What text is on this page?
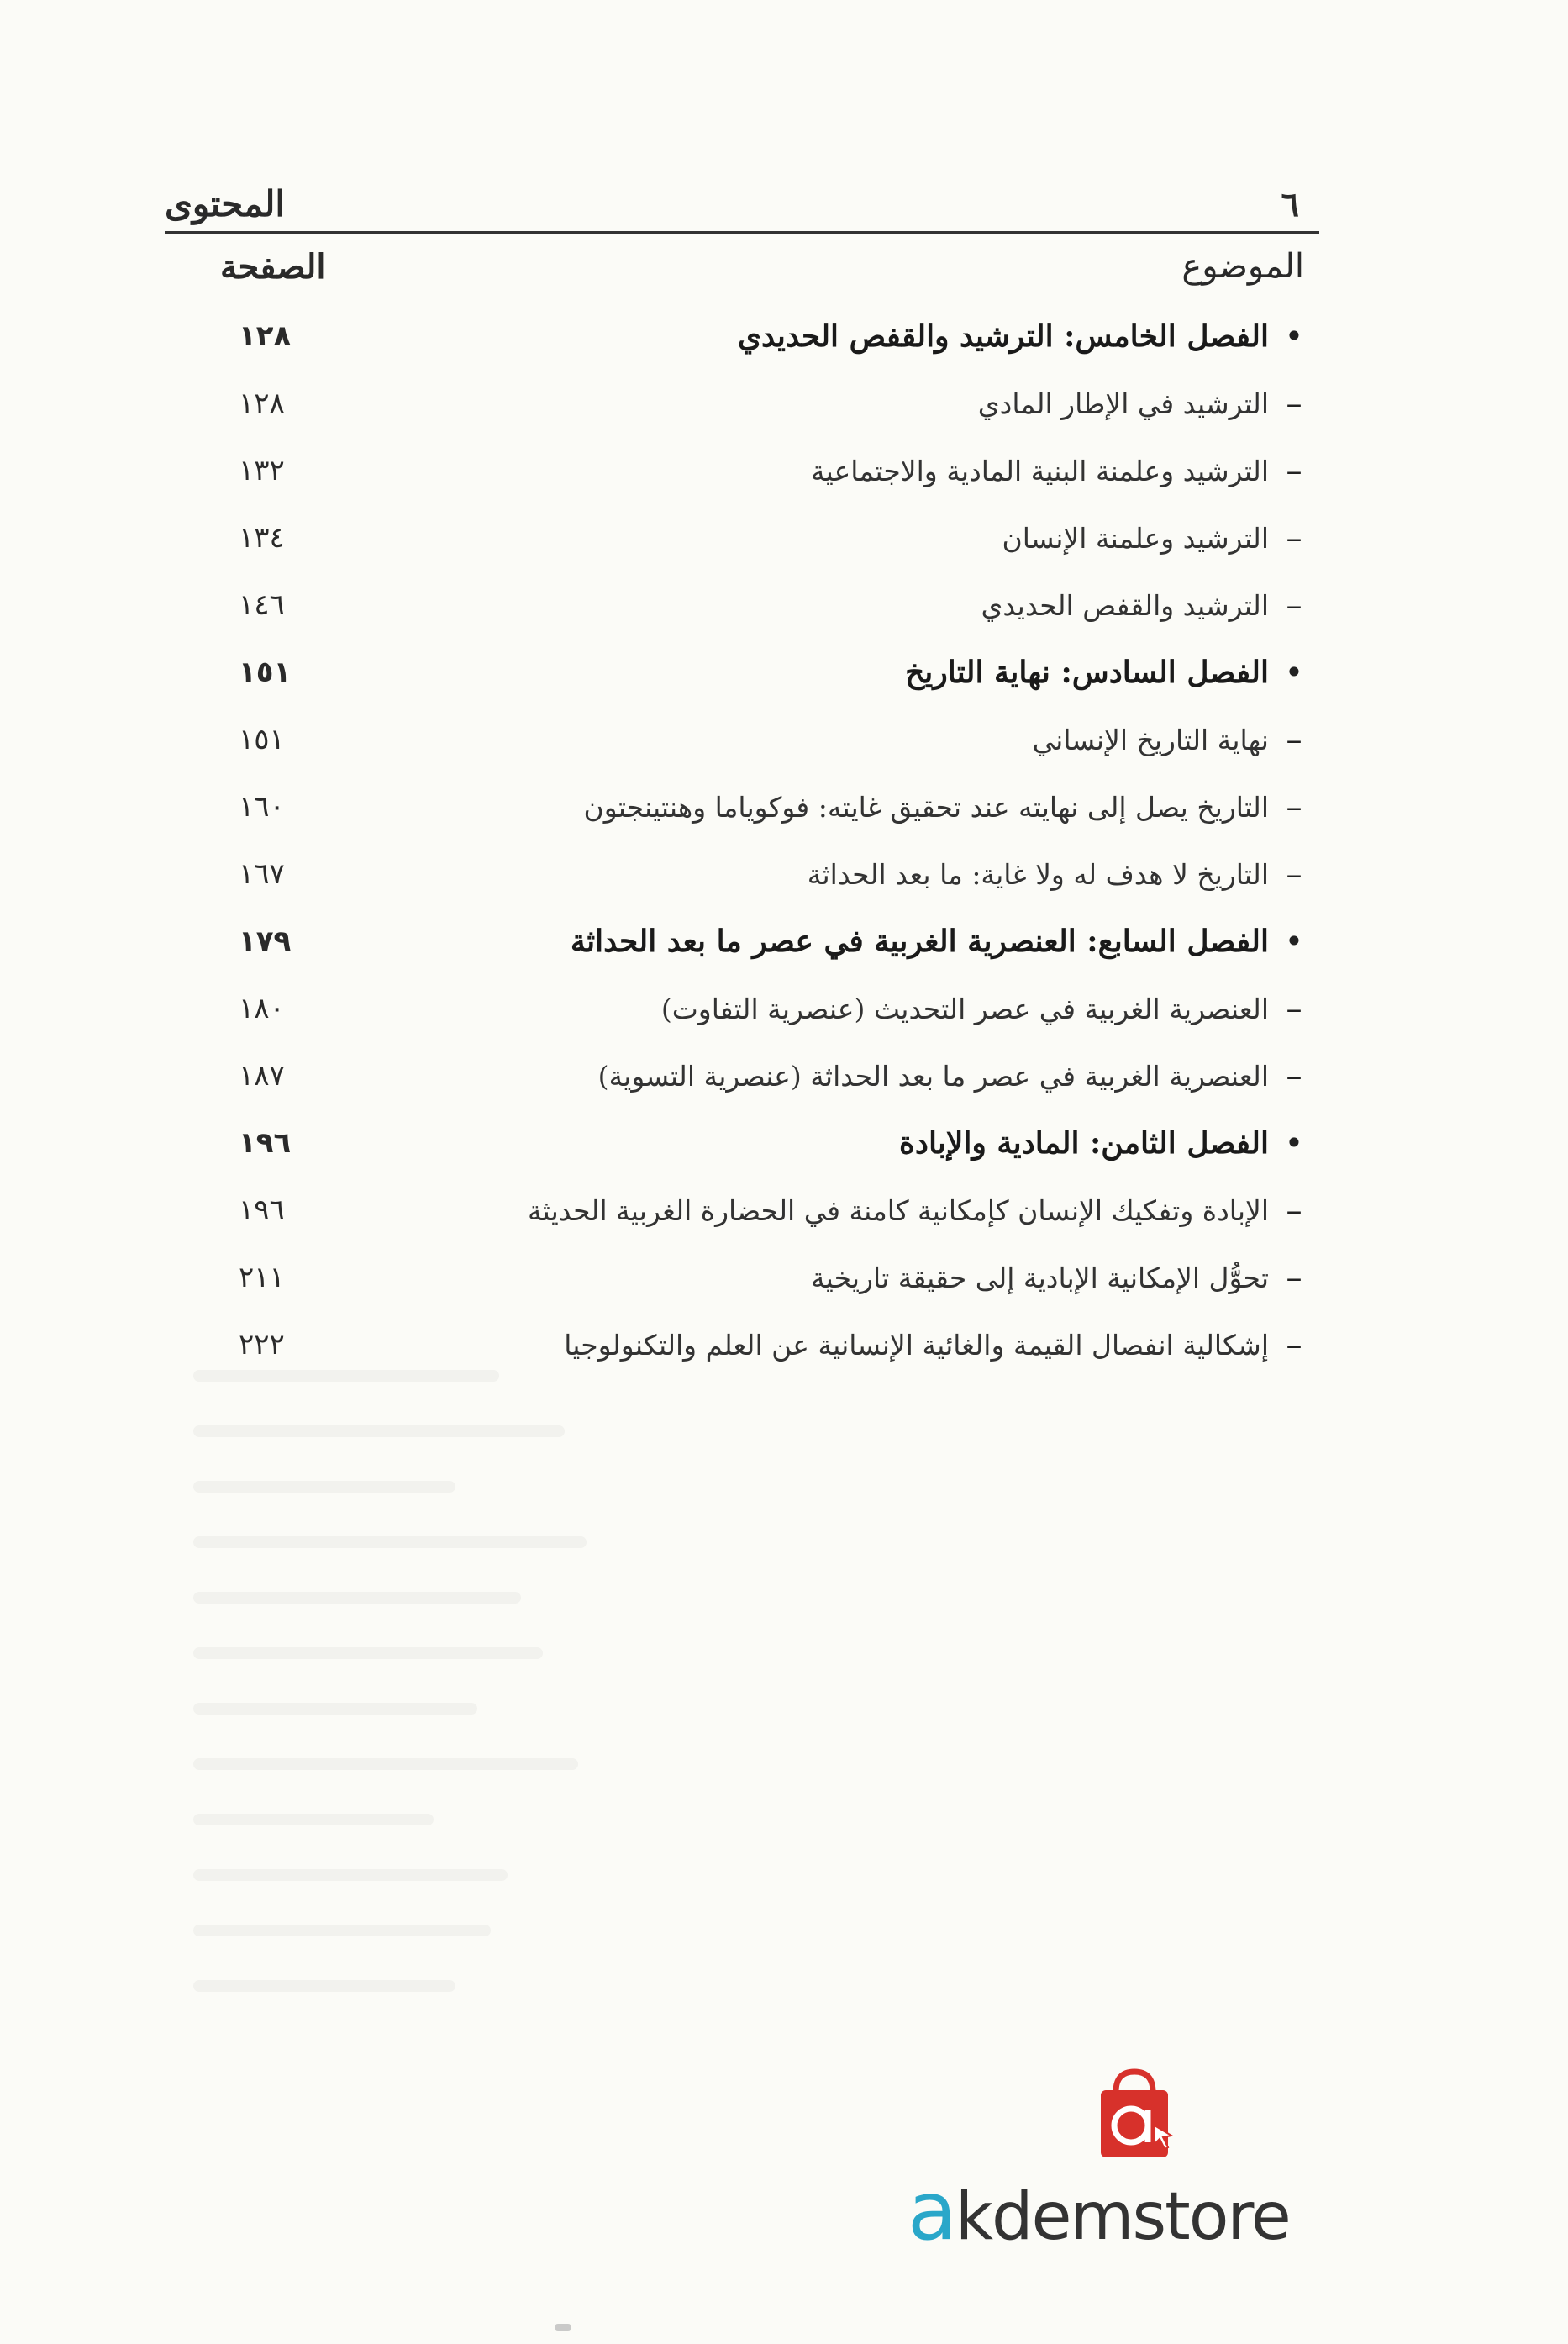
٦
المحتوى
الموضوع
الصفحة
•
الفصل الخامس: الترشيد والقفص الحديدي
١٢٨
–
الترشيد في الإطار المادي
١٢٨
–
الترشيد وعلمنة البنية المادية والاجتماعية
١٣٢
–
الترشيد وعلمنة الإنسان
١٣٤
–
الترشيد والقفص الحديدي
١٤٦
•
الفصل السادس: نهاية التاريخ
١٥١
–
نهاية التاريخ الإنساني
١٥١
–
التاريخ يصل إلى نهايته عند تحقيق غايته: فوكوياما وهنتينجتون
١٦٠
–
التاريخ لا هدف له ولا غاية: ما بعد الحداثة
١٦٧
•
الفصل السابع: العنصرية الغربية في عصر ما بعد الحداثة
١٧٩
–
العنصرية الغربية في عصر التحديث (عنصرية التفاوت)
١٨٠
–
العنصرية الغربية في عصر ما بعد الحداثة (عنصرية التسوية)
١٨٧
•
الفصل الثامن: المادية والإبادة
١٩٦
–
الإبادة وتفكيك الإنسان كإمكانية كامنة في الحضارة الغربية الحديثة
١٩٦
–
تحوُّل الإمكانية الإبادية إلى حقيقة تاريخية
٢١١
–
إشكالية انفصال القيمة والغائية الإنسانية عن العلم والتكنولوجيا
٢٢٢
akdemstore
